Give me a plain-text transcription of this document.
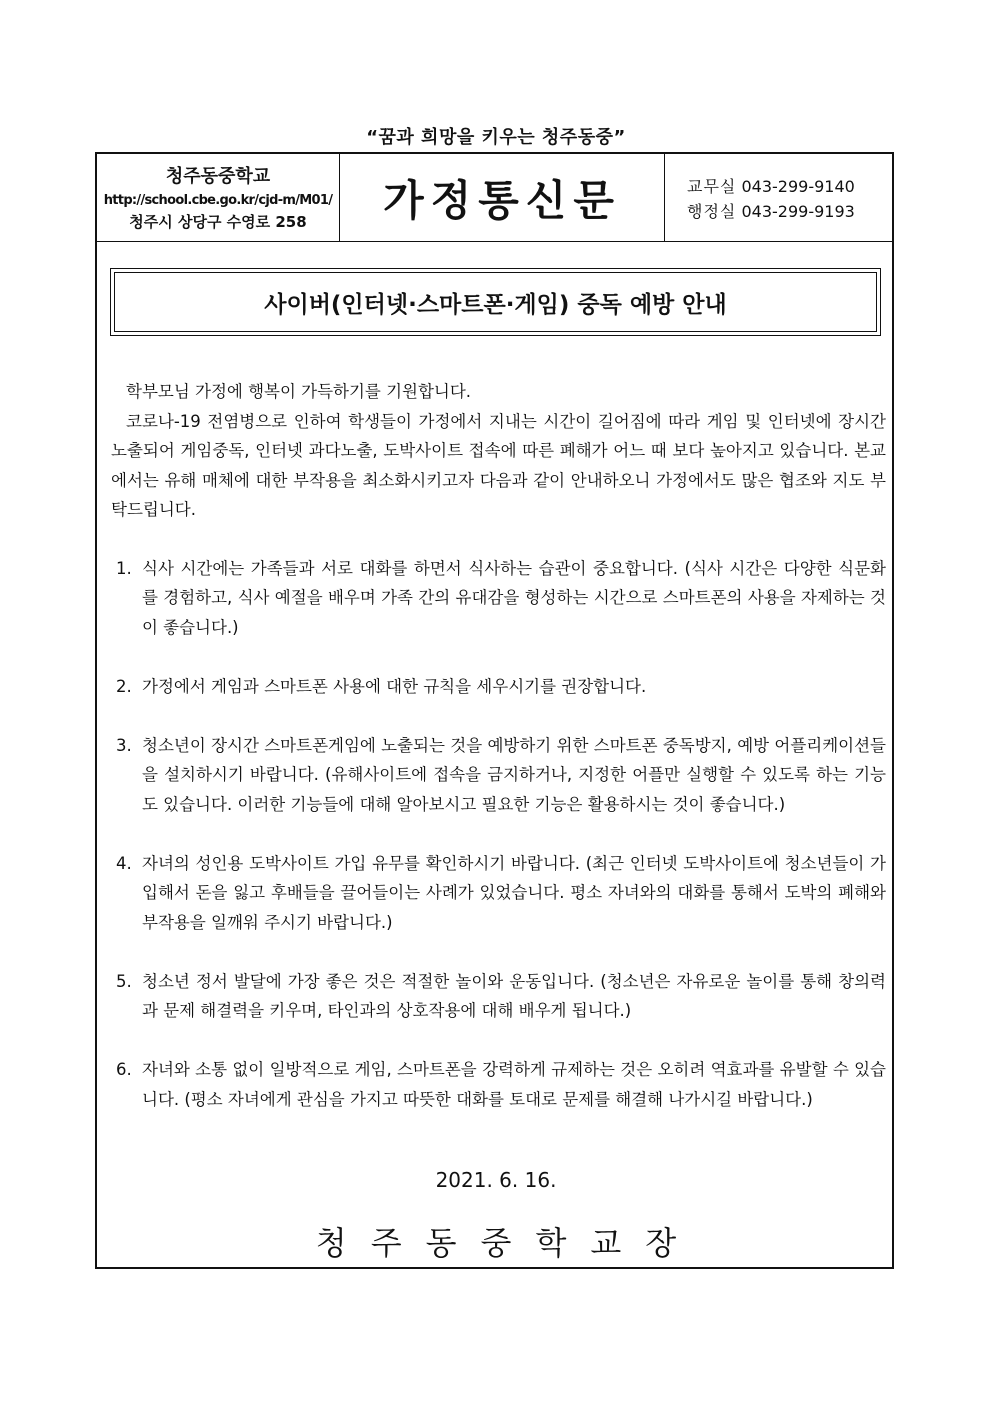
“꿈과 희망을 키우는 청주동중”
청주동중학교
http://school.cbe.go.kr/cjd-m/M01/
청주시 상당구 수영로 258	가정통신문	교무실 043-299-9140
행정실 043-299-9193
사이버(인터넷·스마트폰·게임) 중독 예방 안내

학부모님 가정에 행복이 가득하기를 기원합니다.

코로나-19 전염병으로 인하여 학생들이 가정에서 지내는 시간이 길어짐에 따라 게임 및 인터넷에 장시간 노출되어 게임중독, 인터넷 과다노출, 도박사이트 접속에 따른 폐해가 어느 때 보다 높아지고 있습니다. 본교에서는 유해 매체에 대한 부작용을 최소화시키고자 다음과 같이 안내하오니 가정에서도 많은 협조와 지도 부탁드립니다.

1. 식사 시간에는 가족들과 서로 대화를 하면서 식사하는 습관이 중요합니다. (식사 시간은 다양한 식문화를 경험하고, 식사 예절을 배우며 가족 간의 유대감을 형성하는 시간으로 스마트폰의 사용을 자제하는 것이 좋습니다.)
2. 가정에서 게임과 스마트폰 사용에 대한 규칙을 세우시기를 권장합니다.
3. 청소년이 장시간 스마트폰게임에 노출되는 것을 예방하기 위한 스마트폰 중독방지, 예방 어플리케이션들을 설치하시기 바랍니다. (유해사이트에 접속을 금지하거나, 지정한 어플만 실행할 수 있도록 하는 기능도 있습니다. 이러한 기능들에 대해 알아보시고 필요한 기능은 활용하시는 것이 좋습니다.)
4. 자녀의 성인용 도박사이트 가입 유무를 확인하시기 바랍니다. (최근 인터넷 도박사이트에 청소년들이 가입해서 돈을 잃고 후배들을 끌어들이는 사례가 있었습니다. 평소 자녀와의 대화를 통해서 도박의 폐해와 부작용을 일깨워 주시기 바랍니다.)
5. 청소년 정서 발달에 가장 좋은 것은 적절한 놀이와 운동입니다. (청소년은 자유로운 놀이를 통해 창의력과 문제 해결력을 키우며, 타인과의 상호작용에 대해 배우게 됩니다.)
6. 자녀와 소통 없이 일방적으로 게임, 스마트폰을 강력하게 규제하는 것은 오히려 역효과를 유발할 수 있습니다. (평소 자녀에게 관심을 가지고 따뜻한 대화를 토대로 문제를 해결해 나가시길 바랍니다.)
2021. 6. 16.
청주동중학교장
